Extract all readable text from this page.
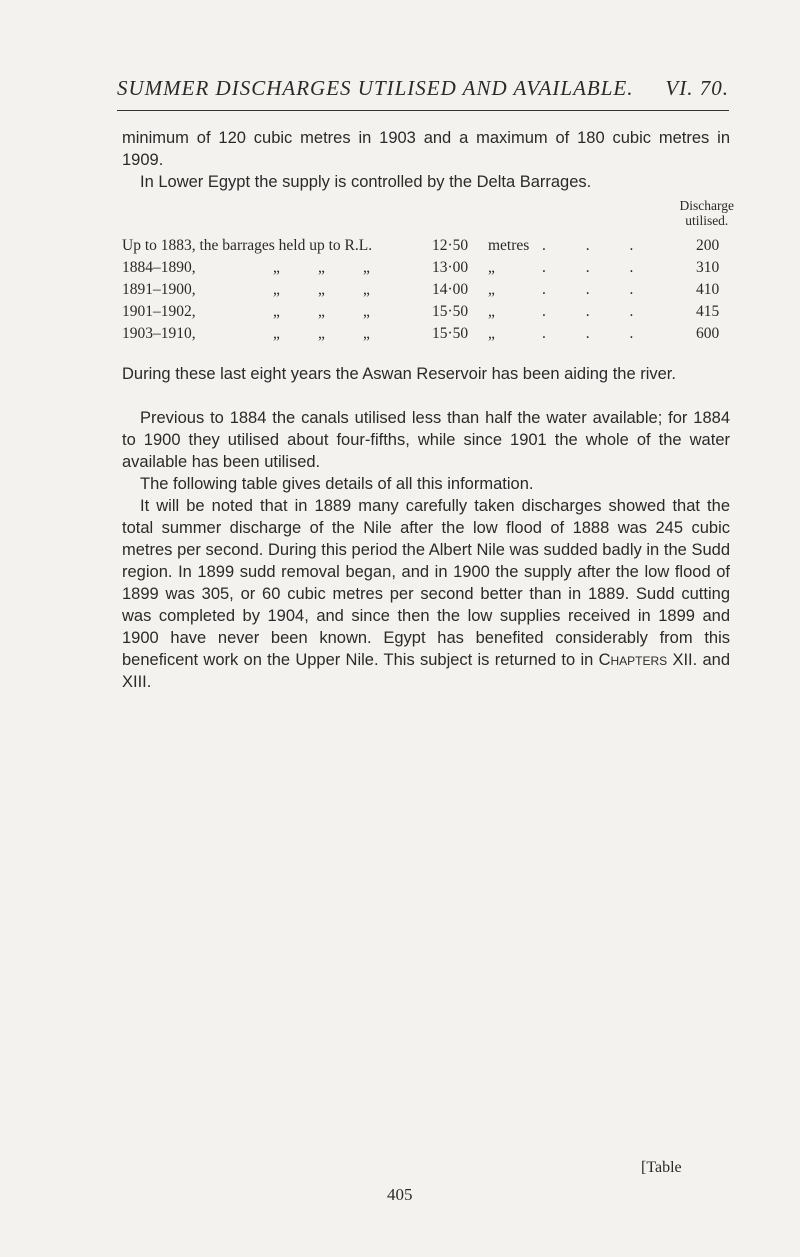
SUMMER DISCHARGES UTILISED AND AVAILABLE. VI. 70.

minimum of 120 cubic metres in 1903 and a maximum of 180 cubic metres in 1909.

In Lower Egypt the supply is controlled by the Delta Barrages.

Discharge
utilised.
Up to 1883, the barrages held up to R.L.	12·50 metres . . .	200
1884–1890,	„ „ „	13·00 „	. . .	310
1891–1900,	„ „ „	14·00 „	. . .	410
1901–1902,	„ „ „	15·50 „	. . .	415
1903–1910,	„ „ „	15·50 „	. . .	600

During these last eight years the Aswan Reservoir has been aiding the river.

Previous to 1884 the canals utilised less than half the water available; for 1884 to 1900 they utilised about four-fifths, while since 1901 the whole of the water available has been utilised.

The following table gives details of all this information.

It will be noted that in 1889 many carefully taken discharges showed that the total summer discharge of the Nile after the low flood of 1888 was 245 cubic metres per second. During this period the Albert Nile was sudded badly in the Sudd region. In 1899 sudd removal began, and in 1900 the supply after the low flood of 1899 was 305, or 60 cubic metres per second better than in 1889. Sudd cutting was completed by 1904, and since then the low supplies received in 1899 and 1900 have never been known. Egypt has benefited considerably from this beneficent work on the Upper Nile. This subject is returned to in Chapters XII. and XIII.

[Table
405
